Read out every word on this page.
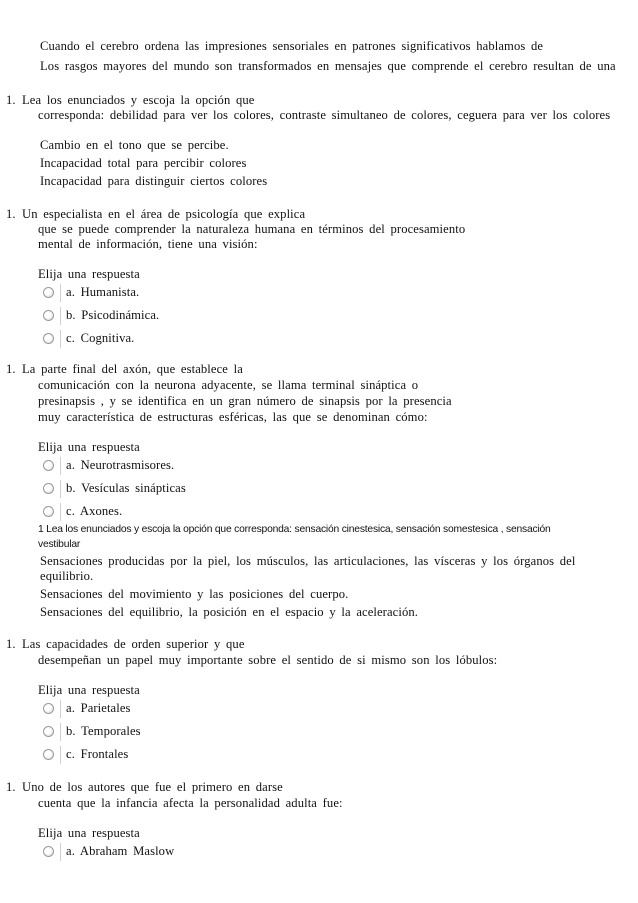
Cuando el cerebro ordena las impresiones sensoriales en patrones significativos hablamos de
Los rasgos mayores del mundo son transformados en mensajes que comprende el cerebro resultan de una
1. Lea los enunciados y escoja la opción que
corresponda: debilidad para ver los colores, contraste simultaneo de colores, ceguera para ver los colores
Cambio en el tono que se percibe.
Incapacidad total para percibir colores
Incapacidad para distinguir ciertos colores
1. Un especialista en el área de psicología que explica
que se puede comprender la naturaleza humana en términos del procesamiento
mental de información, tiene una visión:
Elija una respuesta
a. Humanista.
b. Psicodinámica.
c. Cognitiva.
1. La parte final del axón, que establece la
comunicación con la neurona adyacente, se llama terminal sináptica o
presinapsis , y se identifica en un gran número de sinapsis por la presencia
muy característica de estructuras esféricas, las que se denominan cómo:
Elija una respuesta
a. Neurotrasmisores.
b. Vesículas sinápticas
c. Axones.
1 Lea los enunciados y escoja la opción que corresponda: sensación cinestesica, sensación somestesica , sensación
vestibular
Sensaciones producidas por la piel, los músculos, las articulaciones, las vísceras y los órganos del
equilibrio.
Sensaciones del movimiento y las posiciones del cuerpo.
Sensaciones del equilibrio, la posición en el espacio y la aceleración.
1. Las capacidades de orden superior y que
desempeñan un papel muy importante sobre el sentido de si mismo son los lóbulos:
Elija una respuesta
a. Parietales
b. Temporales
c. Frontales
1. Uno de los autores que fue el primero en darse
cuenta que la infancia afecta la personalidad adulta fue:
Elija una respuesta
a. Abraham Maslow
